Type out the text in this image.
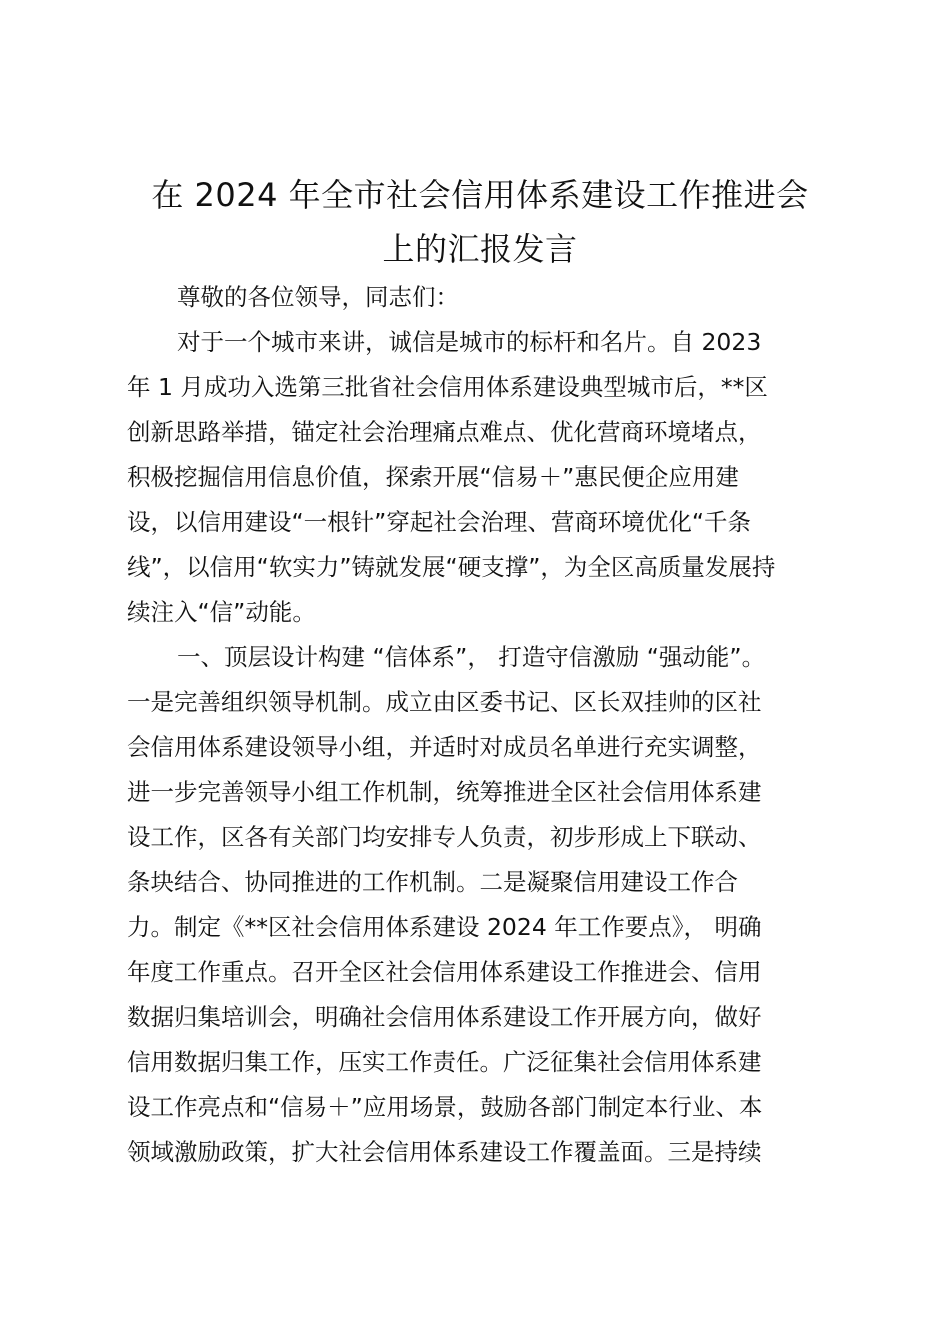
在 2024 年全市社会信用体系建设工作推进会
上的汇报发言
尊敬的各位领导，同志们：
对于一个城市来讲，诚信是城市的标杆和名片。自 2023
年 1 月成功入选第三批省社会信用体系建设典型城市后，**区
创新思路举措，锚定社会治理痛点难点、优化营商环境堵点，
积极挖掘信用信息价值，探索开展“信易＋”惠民便企应用建
设，以信用建设“一根针”穿起社会治理、营商环境优化“千条
线”，以信用“软实力”铸就发展“硬支撑”，为全区高质量发展持
续注入“信”动能。
一、顶层设计构建 “信体系”， 打造守信激励 “强动能”。
一是完善组织领导机制。成立由区委书记、区长双挂帅的区社
会信用体系建设领导小组，并适时对成员名单进行充实调整，
进一步完善领导小组工作机制，统筹推进全区社会信用体系建
设工作，区各有关部门均安排专人负责，初步形成上下联动、
条块结合、协同推进的工作机制。二是凝聚信用建设工作合
力。制定《**区社会信用体系建设 2024 年工作要点》， 明确
年度工作重点。召开全区社会信用体系建设工作推进会、信用
数据归集培训会，明确社会信用体系建设工作开展方向，做好
信用数据归集工作，压实工作责任。广泛征集社会信用体系建
设工作亮点和“信易＋”应用场景，鼓励各部门制定本行业、本
领域激励政策，扩大社会信用体系建设工作覆盖面。三是持续
